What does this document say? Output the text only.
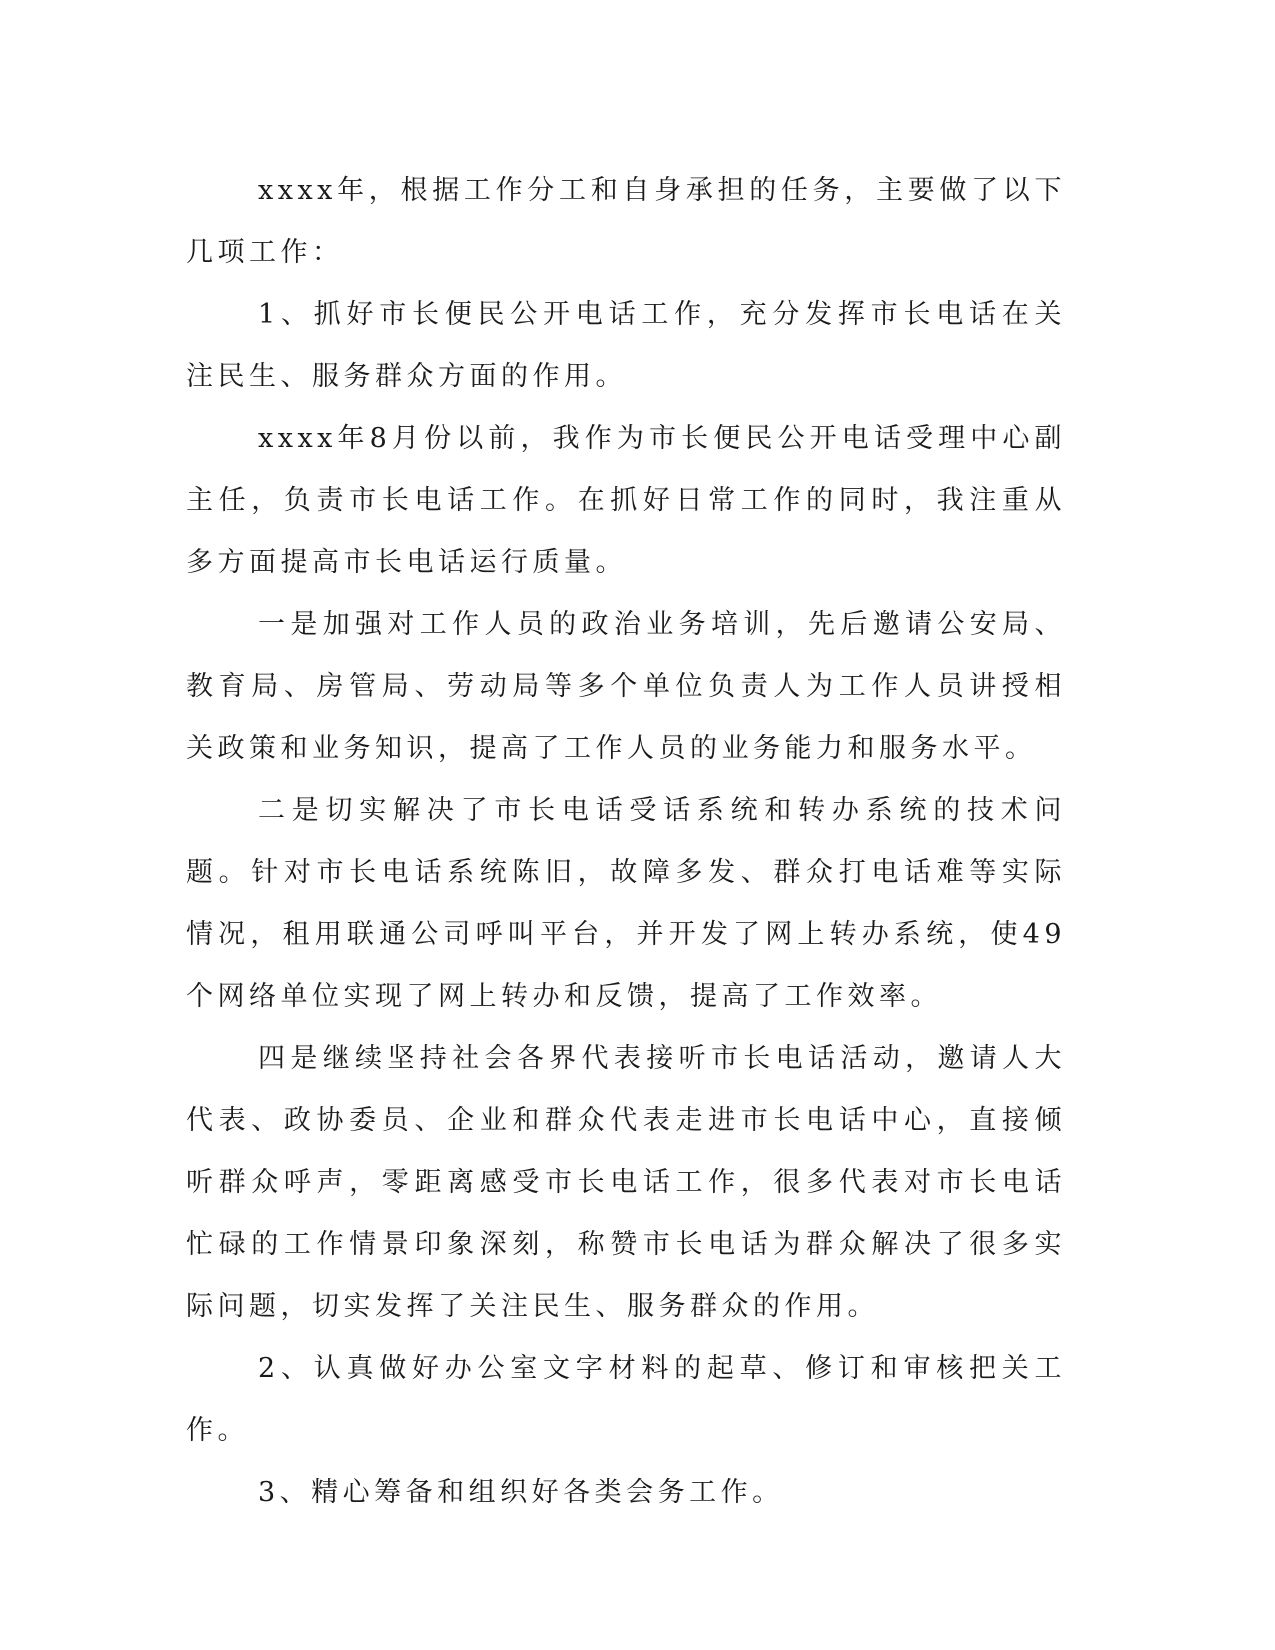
xxxx年，根据工作分工和自身承担的任务，主要做了以下几项工作：

1、抓好市长便民公开电话工作，充分发挥市长电话在关注民生、服务群众方面的作用。

xxxx年8月份以前，我作为市长便民公开电话受理中心副主任，负责市长电话工作。在抓好日常工作的同时，我注重从多方面提高市长电话运行质量。

一是加强对工作人员的政治业务培训，先后邀请公安局、教育局、房管局、劳动局等多个单位负责人为工作人员讲授相关政策和业务知识，提高了工作人员的业务能力和服务水平。

二是切实解决了市长电话受话系统和转办系统的技术问题。针对市长电话系统陈旧，故障多发、群众打电话难等实际情况，租用联通公司呼叫平台，并开发了网上转办系统，使49个网络单位实现了网上转办和反馈，提高了工作效率。

四是继续坚持社会各界代表接听市长电话活动，邀请人大代表、政协委员、企业和群众代表走进市长电话中心，直接倾听群众呼声，零距离感受市长电话工作，很多代表对市长电话忙碌的工作情景印象深刻，称赞市长电话为群众解决了很多实际问题，切实发挥了关注民生、服务群众的作用。

2、认真做好办公室文字材料的起草、修订和审核把关工作。

3、精心筹备和组织好各类会务工作。
